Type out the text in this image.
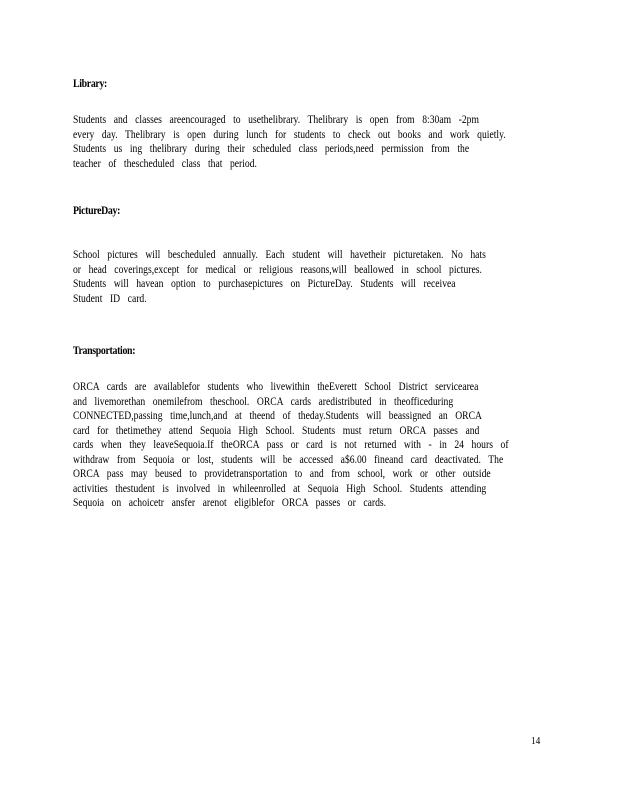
Library:
Students and classes areencouraged to usethelibrary. Thelibrary is open from 8:30am -2pm
every day. Thelibrary is open during lunch for students to check out books and work quietly.
Students us ing thelibrary during their scheduled class periods,need permission from the
teacher of thescheduled class that period.
PictureDay:
School pictures will bescheduled annually. Each student will havetheir picturetaken. No hats
or head coverings,except for medical or religious reasons,will beallowed in school pictures.
Students will havean option to purchasepictures on PictureDay. Students will receivea
Student ID card.
Transportation:
ORCA cards are availablefor students who livewithin theEverett School District servicearea
and livemorethan onemilefrom theschool. ORCA cards aredistributed in theofficeduring
CONNECTED,passing time,lunch,and at theend of theday.Students will beassigned an ORCA
card for thetimethey attend Sequoia High School. Students must return ORCA passes and
cards when they leaveSequoia.If theORCA pass or card is not returned with - in 24 hours of
withdraw from Sequoia or lost, students will be accessed a$6.00 fineand card deactivated. The
ORCA pass may beused to providetransportation to and from school, work or other outside
activities thestudent is involved in whileenrolled at Sequoia High School. Students attending
Sequoia on achoicetr ansfer arenot eligiblefor ORCA passes or cards.
14
